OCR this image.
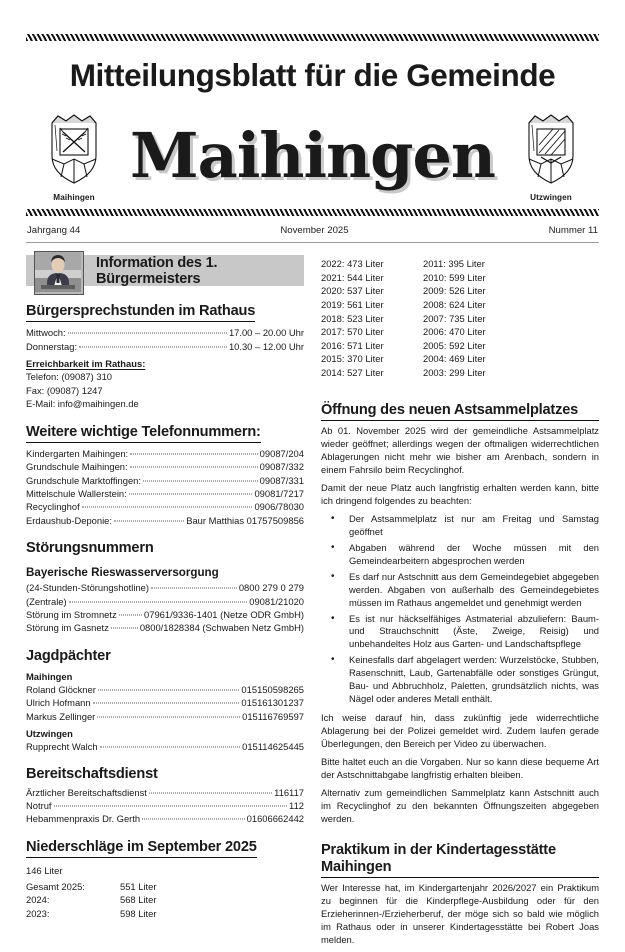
Mitteilungsblatt für die Gemeinde
Maihingen
Maihingen
Utzwingen
Jahrgang 44	November 2025	Nummer 11
Information des 1. Bürgermeisters
Bürgersprechstunden im Rathaus
Mittwoch:	17.00 – 20.00 Uhr
Donnerstag:	10.30 – 12.00 Uhr
Erreichbarkeit im Rathaus:
Telefon: (09087) 310
Fax: (09087) 1247
E-Mail: info@maihingen.de
Weitere wichtige Telefonnummern:
Kindergarten Maihingen:	09087/204
Grundschule Maihingen:	09087/332
Grundschule Marktoffingen:	09087/331
Mittelschule Wallerstein:	09081/7217
Recyclinghof	0906/78030
Erdaushub-Deponie:	Baur Matthias 01757509856
Störungsnummern
Bayerische Rieswasserversorgung
(24-Stunden-Störungshotline)	0800 279 0 279
(Zentrale)	09081/21020
Störung im Stromnetz	07961/9336-1401 (Netze ODR GmbH)
Störung im Gasnetz	0800/1828384 (Schwaben Netz GmbH)
Jagdpächter
Maihingen
Roland Glöckner	015150598265
Ulrich Hofmann	015161301237
Markus Zellinger	015116769597
Utzwingen
Rupprecht Walch	015114625445
Bereitschaftsdienst
Ärztlicher Bereitschaftsdienst	116117
Notruf	112
Hebammenpraxis Dr. Gerth	01606662442
Niederschläge im September 2025
146 Liter
Gesamt 2025:	551 Liter
2024:	568 Liter
2023:	598 Liter
2022: 473 Liter	2011: 395 Liter
2021: 544 Liter	2010: 599 Liter
2020: 537 Liter	2009: 526 Liter
2019: 561 Liter	2008: 624 Liter
2018: 523 Liter	2007: 735 Liter
2017: 570 Liter	2006: 470 Liter
2016: 571 Liter	2005: 592 Liter
2015: 370 Liter	2004: 469 Liter
2014: 527 Liter	2003: 299 Liter
Öffnung des neuen Astsammelplatzes

Ab 01. November 2025 wird der gemeindliche Astsammelplatz wieder geöffnet; allerdings wegen der oftmaligen widerrechtlichen Ablagerungen nicht mehr wie bisher am Arenbach, sondern in einem Fahrsilo beim Recyclinghof.

Damit der neue Platz auch langfristig erhalten werden kann, bitte ich dringend folgendes zu beachten:

• Der Astsammelplatz ist nur am Freitag und Samstag geöffnet
• Abgaben während der Woche müssen mit den Gemeindearbeitern abgesprochen werden
• Es darf nur Astschnitt aus dem Gemeindegebiet abgegeben werden. Abgaben von außerhalb des Gemeindegebietes müssen im Rathaus angemeldet und genehmigt werden
• Es ist nur häckselfähiges Astmaterial abzuliefern: Baum- und Strauchschnitt (Äste, Zweige, Reisig) und unbehandeltes Holz aus Garten- und Landschaftspflege
• Keinesfalls darf abgelagert werden: Wurzelstöcke, Stubben, Rasenschnitt, Laub, Gartenabfälle oder sonstiges Grüngut, Bau- und Abbruchholz, Paletten, grundsätzlich nichts, was Nägel oder anderes Metall enthält.

Ich weise darauf hin, dass zukünftig jede widerrechtliche Ablagerung bei der Polizei gemeldet wird. Zudem laufen gerade Überlegungen, den Bereich per Video zu überwachen.

Bitte haltet euch an die Vorgaben. Nur so kann diese bequeme Art der Astschnittabgabe langfristig erhalten bleiben.

Alternativ zum gemeindlichen Sammelplatz kann Astschnitt auch im Recyclinghof zu den bekannten Öffnungszeiten abgegeben werden.

Praktikum in der Kindertagesstätte Maihingen

Wer Interesse hat, im Kindergartenjahr 2026/2027 ein Praktikum zu beginnen für die Kinderpflege-Ausbildung oder für den Erzieherinnen-/Erzieherberuf, der möge sich so bald wie möglich im Rathaus oder in unserer Kindertagesstätte bei Robert Joas melden.
